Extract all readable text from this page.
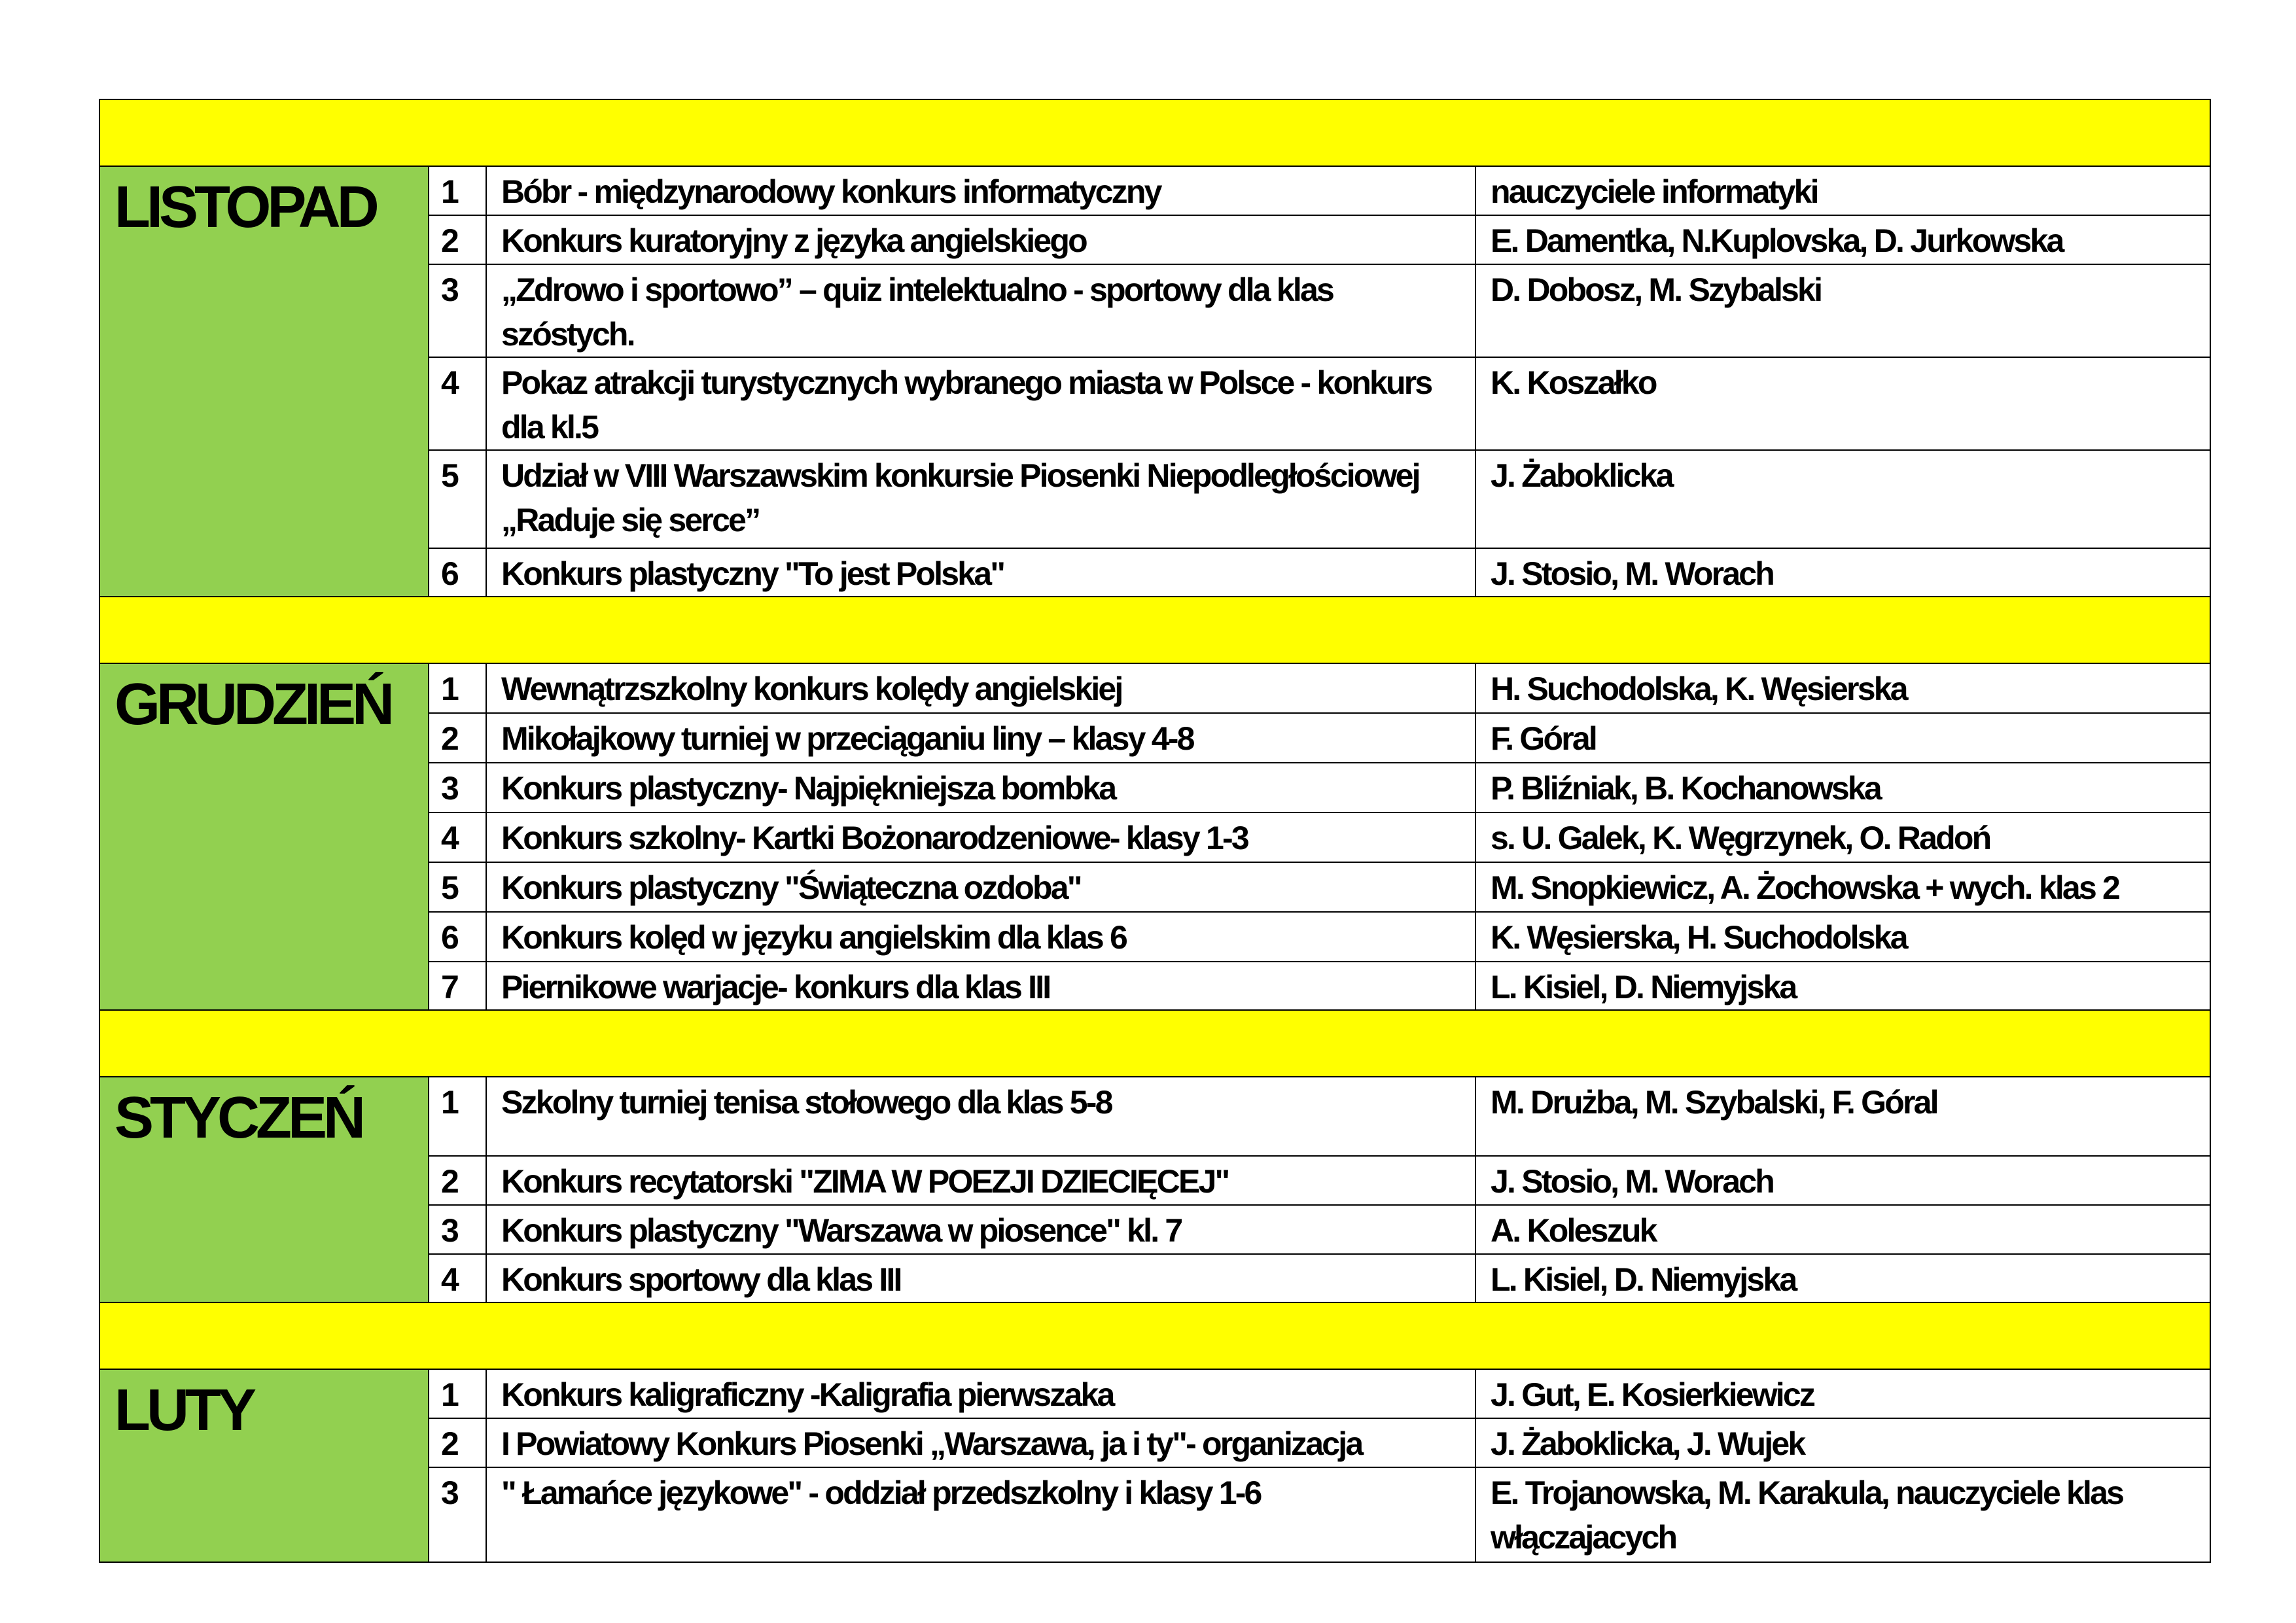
LISTOPAD	1	Bóbr - międzynarodowy konkurs informatyczny	nauczyciele informatyki
	2	Konkurs kuratoryjny z języka angielskiego	E. Damentka, N.Kuplovska, D. Jurkowska
	3	„Zdrowo i sportowo” – quiz intelektualno - sportowy dla klas szóstych.	D. Dobosz, M. Szybalski
	4	Pokaz atrakcji turystycznych wybranego miasta w Polsce - konkurs dla kl.5	K. Koszałko
	5	Udział w VIII Warszawskim konkursie Piosenki Niepodległościowej „Raduje się serce”	J. Żaboklicka
	6	Konkurs plastyczny "To jest Polska"	J. Stosio, M. Worach

GRUDZIEŃ	1	Wewnątrzszkolny konkurs kolędy angielskiej	H. Suchodolska, K. Węsierska
	2	Mikołajkowy turniej w przeciąganiu liny – klasy 4-8	F. Góral
	3	Konkurs plastyczny- Najpiękniejsza bombka	P. Bliźniak, B. Kochanowska
	4	Konkurs szkolny- Kartki Bożonarodzeniowe- klasy 1-3	s. U. Galek, K. Węgrzynek, O. Radoń
	5	Konkurs plastyczny "Świąteczna ozdoba"	M. Snopkiewicz, A. Żochowska + wych. klas 2
	6	Konkurs kolęd w języku angielskim dla klas 6	K. Węsierska, H. Suchodolska
	7	Piernikowe warjacje- konkurs dla klas III	L. Kisiel, D. Niemyjska

STYCZEŃ	1	Szkolny turniej tenisa stołowego dla klas 5-8	M. Drużba, M. Szybalski, F. Góral
	2	Konkurs recytatorski "ZIMA W POEZJI DZIECIĘCEJ"	J. Stosio, M. Worach
	3	Konkurs plastyczny "Warszawa w piosence" kl. 7	A. Koleszuk
	4	Konkurs sportowy dla klas III	L. Kisiel, D. Niemyjska

LUTY	1	Konkurs kaligraficzny -Kaligrafia pierwszaka	J. Gut, E. Kosierkiewicz
	2	I Powiatowy Konkurs Piosenki „Warszawa, ja i ty"- organizacja	J. Żaboklicka, J. Wujek
	3	" Łamańce językowe" - oddział przedszkolny i klasy 1-6	E. Trojanowska, M. Karakula, nauczyciele klas włączajacych
